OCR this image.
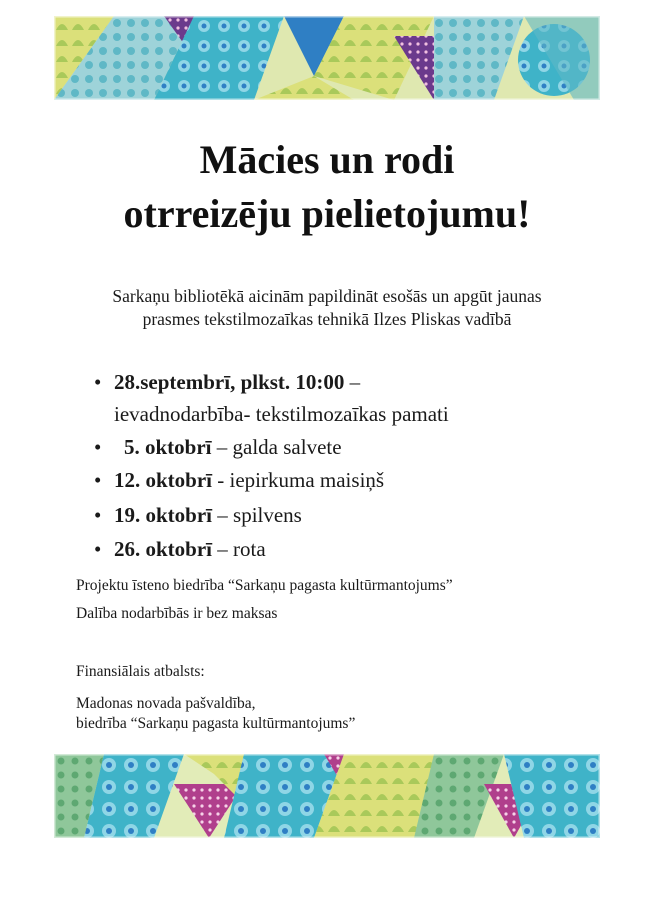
Mācies un rodi
otrreizēju pielietojumu!
Sarkaņu bibliotēkā aicinām papildināt esošās un apgūt jaunas
prasmes tekstilmozaīkas tehnikā Ilzes Pliskas vadībā
• 28.septembrī, plkst. 10:00 –
ievadnodarbība- tekstilmozaīkas pamati
• 5. oktobrī – galda salvete
• 12. oktobrī - iepirkuma maisiņš
• 19. oktobrī – spilvens
• 26. oktobrī – rota
Projektu īsteno biedrība “Sarkaņu pagasta kultūrmantojums”
Dalība nodarbībās ir bez maksas
Finansiālais atbalsts:
Madonas novada pašvaldība,
biedrība “Sarkaņu pagasta kultūrmantojums”
